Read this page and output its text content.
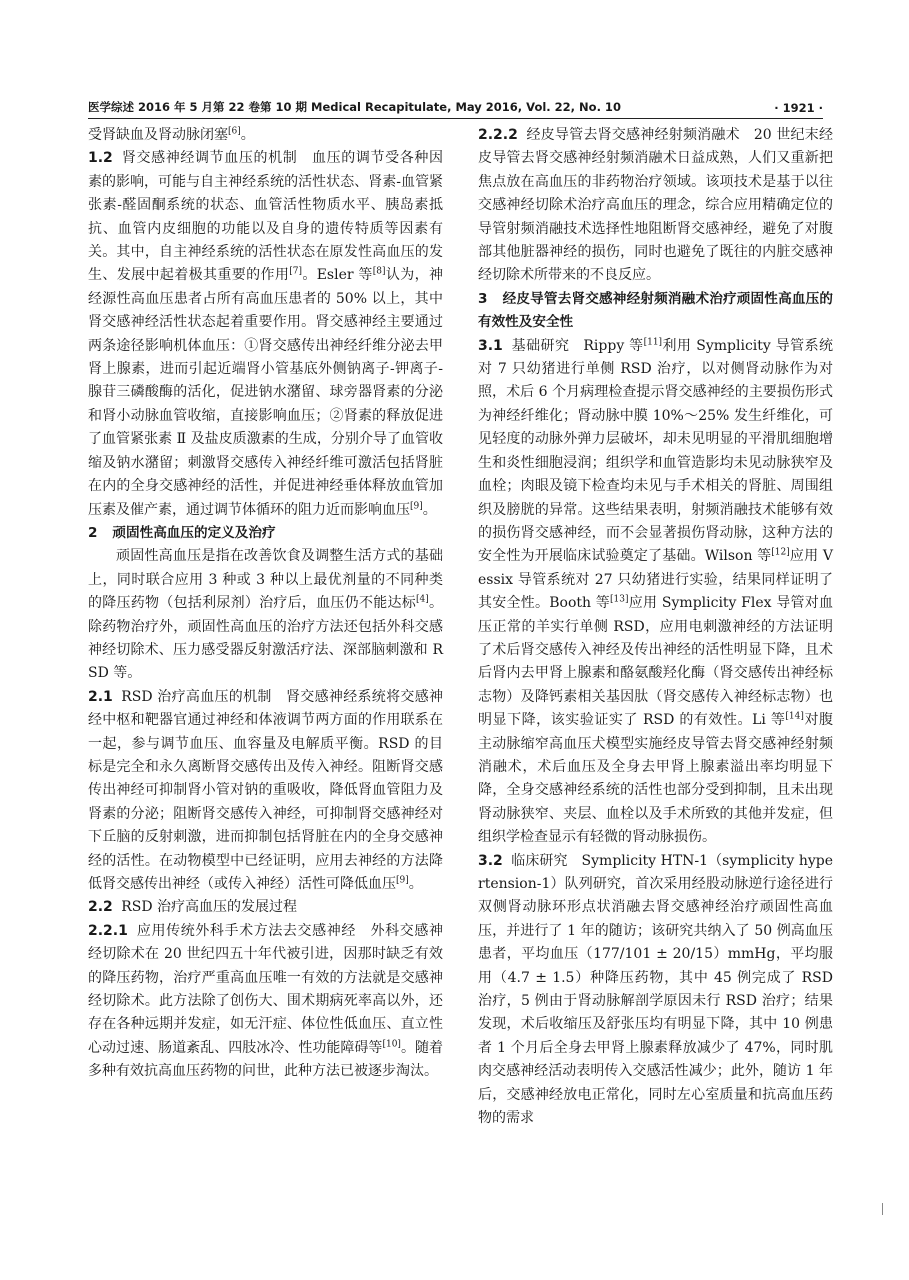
医学综述 2016 年 5 月第 22 卷第 10 期 Medical Recapitulate, May 2016, Vol. 22, No. 10	· 1921 ·

受肾缺血及肾动脉闭塞[6]。

1.2 肾交感神经调节血压的机制  血压的调节受各种因素的影响，可能与自主神经系统的活性状态、肾素-血管紧张素-醛固酮系统的状态、血管活性物质水平、胰岛素抵抗、血管内皮细胞的功能以及自身的遗传特质等因素有关。其中，自主神经系统的活性状态在原发性高血压的发生、发展中起着极其重要的作用[7]。Esler 等[8]认为，神经源性高血压患者占所有高血压患者的 50% 以上，其中肾交感神经活性状态起着重要作用。肾交感神经主要通过两条途径影响机体血压：①肾交感传出神经纤维分泌去甲肾上腺素，进而引起近端肾小管基底外侧钠离子-钾离子-腺苷三磷酸酶的活化，促进钠水潴留、球旁器肾素的分泌和肾小动脉血管收缩，直接影响血压；②肾素的释放促进了血管紧张素 Ⅱ 及盐皮质激素的生成，分别介导了血管收缩及钠水潴留；刺激肾交感传入神经纤维可激活包括肾脏在内的全身交感神经的活性，并促进神经垂体释放血管加压素及催产素，通过调节体循环的阻力近而影响血压[9]。

2  顽固性高血压的定义及治疗

顽固性高血压是指在改善饮食及调整生活方式的基础上，同时联合应用 3 种或 3 种以上最优剂量的不同种类的降压药物（包括利尿剂）治疗后，血压仍不能达标[4]。除药物治疗外，顽固性高血压的治疗方法还包括外科交感神经切除术、压力感受器反射激活疗法、深部脑刺激和 RSD 等。

2.1 RSD 治疗高血压的机制  肾交感神经系统将交感神经中枢和靶器官通过神经和体液调节两方面的作用联系在一起，参与调节血压、血容量及电解质平衡。RSD 的目标是完全和永久离断肾交感传出及传入神经。阻断肾交感传出神经可抑制肾小管对钠的重吸收，降低肾血管阻力及肾素的分泌；阻断肾交感传入神经，可抑制肾交感神经对下丘脑的反射刺激，进而抑制包括肾脏在内的全身交感神经的活性。在动物模型中已经证明，应用去神经的方法降低肾交感传出神经（或传入神经）活性可降低血压[9]。

2.2 RSD 治疗高血压的发展过程

2.2.1 应用传统外科手术方法去交感神经  外科交感神经切除术在 20 世纪四五十年代被引进，因那时缺乏有效的降压药物，治疗严重高血压唯一有效的方法就是交感神经切除术。此方法除了创伤大、围术期病死率高以外，还存在各种远期并发症，如无汗症、体位性低血压、直立性心动过速、肠道紊乱、四肢冰冷、性功能障碍等[10]。随着多种有效抗高血压药物的问世，此种方法已被逐步淘汰。

2.2.2 经皮导管去肾交感神经射频消融术  20 世纪末经皮导管去肾交感神经射频消融术日益成熟，人们又重新把焦点放在高血压的非药物治疗领域。该项技术是基于以往交感神经切除术治疗高血压的理念，综合应用精确定位的导管射频消融技术选择性地阻断肾交感神经，避免了对腹部其他脏器神经的损伤，同时也避免了既往的内脏交感神经切除术所带来的不良反应。

3  经皮导管去肾交感神经射频消融术治疗顽固性高血压的有效性及安全性

3.1 基础研究  Rippy 等[11]利用 Symplicity 导管系统对 7 只幼猪进行单侧 RSD 治疗，以对侧肾动脉作为对照，术后 6 个月病理检查提示肾交感神经的主要损伤形式为神经纤维化；肾动脉中膜 10%～25% 发生纤维化，可见轻度的动脉外弹力层破坏，却未见明显的平滑肌细胞增生和炎性细胞浸润；组织学和血管造影均未见动脉狭窄及血栓；肉眼及镜下检查均未见与手术相关的肾脏、周围组织及膀胱的异常。这些结果表明，射频消融技术能够有效的损伤肾交感神经，而不会显著损伤肾动脉，这种方法的安全性为开展临床试验奠定了基础。Wilson 等[12]应用 Vessix 导管系统对 27 只幼猪进行实验，结果同样证明了其安全性。Booth 等[13]应用 Symplicity Flex 导管对血压正常的羊实行单侧 RSD，应用电刺激神经的方法证明了术后肾交感传入神经及传出神经的活性明显下降，且术后肾内去甲肾上腺素和酪氨酸羟化酶（肾交感传出神经标志物）及降钙素相关基因肽（肾交感传入神经标志物）也明显下降，该实验证实了 RSD 的有效性。Li 等[14]对腹主动脉缩窄高血压犬模型实施经皮导管去肾交感神经射频消融术，术后血压及全身去甲肾上腺素溢出率均明显下降，全身交感神经系统的活性也部分受到抑制，且未出现肾动脉狭窄、夹层、血栓以及手术所致的其他并发症，但组织学检查显示有轻微的肾动脉损伤。

3.2 临床研究  Symplicity HTN-1（symplicity hypertension-1）队列研究，首次采用经股动脉逆行途径进行双侧肾动脉环形点状消融去肾交感神经治疗顽固性高血压，并进行了 1 年的随访；该研究共纳入了 50 例高血压患者，平均血压（177/101 ± 20/15）mmHg，平均服用（4.7 ± 1.5）种降压药物，其中 45 例完成了 RSD 治疗，5 例由于肾动脉解剖学原因未行 RSD 治疗；结果发现，术后收缩压及舒张压均有明显下降，其中 10 例患者 1 个月后全身去甲肾上腺素释放减少了 47%，同时肌肉交感神经活动表明传入交感活性减少；此外，随访 1 年后，交感神经放电正常化，同时左心室质量和抗高血压药物的需求
